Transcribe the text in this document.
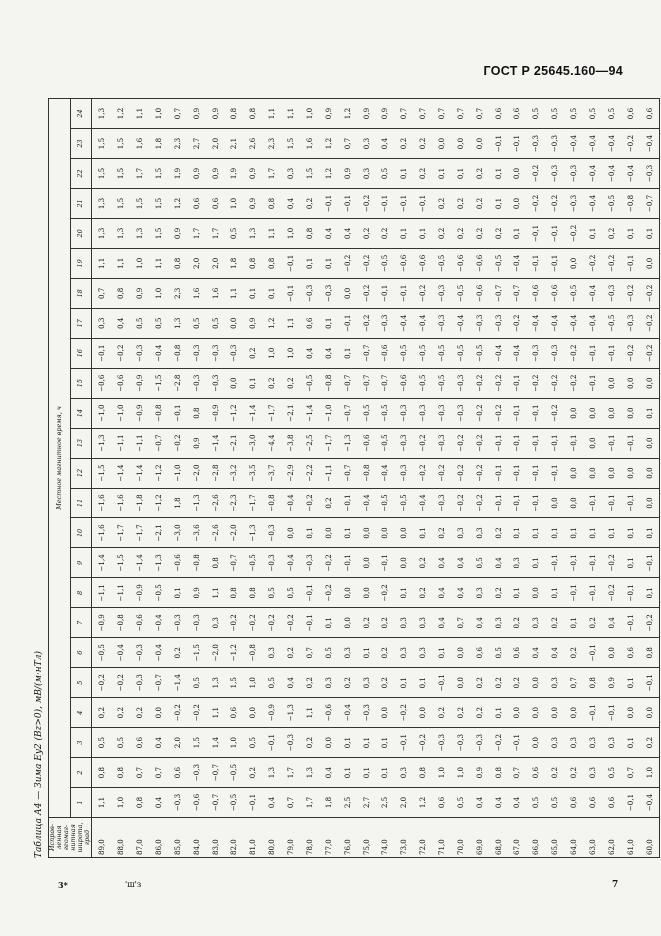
ГОСТ Р 25645.160—94
Таблица А4 — Зима Ey2 (Bz>0), мВ/(м·нТл) Исправ-ленная геомаг-нитная широта, град	Местное магнитное время, ч																							
	1	2	3	4	5	6	7	8	9	10	11	12	13	14	15	16	17	18	19	20	21	22	23	24
89,0	1,1	0,8	0,5	0,2	−0,2	−0,5	−0,9	−1,1	−1,4	−1,6	−1,6	−1,5	−1,3	−1,0	−0,6	−0,1	0,3	0,7	1,1	1,3	1,3	1,5	1,5	1,3
88,0	1,0	0,8	0,5	0,2	−0,2	−0,4	−0,8	−1,1	−1,5	−1,7	−1,6	−1,4	−1,1	−1,0	−0,6	−0,2	0,4	0,8	1,1	1,3	1,5	1,5	1,5	1,2
87,0	0,8	0,7	0,6	0,2	−0,3	−0,3	−0,6	−0,9	−1,4	−1,7	−1,8	−1,4	−1,1	−0,9	−0,9	−0,3	0,5	0,9	1,0	1,3	1,5	1,7	1,6	1,1
86,0	0,4	0,7	0,4	0,0	−0,7	−0,4	−0,4	−0,5	−1,3	−2,1	−1,2	−1,2	−0,7	−0,8	−1,5	−0,4	0,5	1,0	1,1	1,5	1,5	1,5	1,8	1,0
85,0	−0,3	0,6	2,0	−0,2	−1,4	0,2	−0,3	0,1	−0,6	−3,0	1,8	−1,0	−0,2	−0,1	−2,8	−0,8	1,3	2,3	0,8	0,9	1,2	1,9	2,3	0,7
84,0	−0,6	−0,3	1,5	−0,2	0,5	−1,5	−0,3	0,9	−0,8	−3,6	−1,3	−2,0	0,9	0,8	−0,3	−0,3	0,5	1,6	2,0	1,7	0,6	0,9	2,7	0,9
83,0	−0,7	−0,7	1,4	1,1	1,3	−2,0	0,3	1,1	0,8	−2,6	−2,6	−2,8	−1,4	−0,9	−0,3	−0,3	0,5	1,6	2,0	1,7	0,6	0,9	2,0	0,9
82,0	−0,5	−0,5	1,0	0,6	1,5	−1,2	−0,2	0,8	−0,7	−2,0	−2,3	−3,2	−2,1	−1,2	0,0	−0,3	0,0	1,1	1,8	0,5	1,0	1,9	2,1	0,8
81,0	−0,1	0,2	0,5	0,0	1,0	−0,8	−0,2	0,8	−0,5	−1,3	−1,7	−3,5	−3,0	−1,4	0,1	0,2	0,9	0,1	0,8	1,3	0,9	0,9	2,6	0,8
80,0	0,4	1,3	−0,1	−0,9	0,5	0,3	−0,2	0,5	−0,3	−0,3	−0,8	−3,7	−4,4	−1,7	0,2	1,0	1,2	0,1	0,8	1,1	0,8	1,7	2,3	1,1
79,0	0,7	1,7	−0,3	−1,3	0,4	0,2	−0,2	0,5	−0,4	0,0	−0,4	−2,9	−3,8	−2,1	0,2	1,0	1,1	−0,1	−0,1	1,0	0,4	0,3	1,5	1,1
78,0	1,7	1,3	0,2	1,1	0,2	0,7	−0,1	−0,1	−0,3	0,1	−0,2	−2,2	−2,5	−1,4	−0,5	0,4	0,6	−0,3	0,1	0,8	0,2	1,5	1,6	1,0
77,0	1,8	0,4	0,0	−0,6	0,3	0,5	0,1	−0,2	−0,2	0,0	0,2	−1,1	−1,7	−1,0	−0,8	0,4	0,1	−0,3	0,1	0,4	−0,1	1,2	1,2	0,9
76,0	2,5	0,1	0,1	−0,4	0,2	0,3	0,0	0,0	−0,1	0,1	−0,1	−0,7	−1,3	−0,7	−0,7	0,1	−0,1	0,0	−0,2	0,4	−0,1	0,9	0,7	1,2
75,0	2,7	0,1	0,1	−0,3	0,3	0,1	0,2	0,0	0,0	0,0	−0,4	−0,8	−0,6	−0,5	−0,7	−0,7	−0,2	−0,2	−0,2	0,2	−0,2	0,3	0,3	0,9
74,0	2,5	0,1	0,1	0,0	0,2	0,2	0,2	−0,2	−0,1	0,0	−0,5	−0,4	−0,5	−0,5	−0,7	−0,6	−0,3	−0,1	−0,5	0,2	−0,1	0,5	0,4	0,9
73,0	2,0	0,3	−0,1	−0,2	0,1	0,3	0,3	0,1	0,0	0,0	−0,5	−0,3	−0,3	−0,3	−0,6	−0,5	−0,4	−0,1	−0,6	0,1	−0,1	0,1	0,2	0,7
72,0	1,2	0,8	−0,2	0,0	0,1	0,3	0,3	0,2	0,2	0,1	−0,4	−0,2	−0,2	−0,3	−0,5	−0,5	−0,4	−0,2	−0,6	0,1	−0,1	0,2	0,2	0,7
71,0	0,6	1,0	−0,3	0,2	−0,1	0,1	0,4	0,4	0,4	0,2	−0,3	−0,2	−0,3	−0,3	−0,5	−0,5	−0,3	−0,3	−0,5	0,2	0,2	0,1	0,0	0,7
70,0	0,5	1,0	−0,3	0,2	0,0	0,0	0,7	0,4	0,4	0,3	−0,2	−0,2	−0,2	−0,3	−0,3	−0,5	−0,4	−0,5	−0,6	0,2	0,2	0,1	0,0	0,7
69,0	0,4	0,9	−0,3	0,2	0,2	0,6	0,4	0,3	0,5	0,3	−0,2	−0,2	−0,2	−0,2	−0,2	−0,5	−0,3	−0,6	−0,6	0,2	0,2	0,2	0,0	0,7
68,0	0,4	0,8	−0,2	0,1	0,2	0,5	0,3	0,2	0,4	0,2	−0,1	−0,1	−0,1	−0,2	−0,2	−0,4	−0,3	−0,7	−0,5	0,2	0,1	0,1	−0,1	0,6
67,0	0,4	0,7	−0,1	0,0	0,2	0,6	0,2	0,1	0,3	0,1	−0,1	−0,1	−0,1	−0,1	−0,1	−0,4	−0,2	−0,7	−0,4	0,1	0,0	0,0	−0,1	0,6
66,0	0,5	0,6	0,0	0,0	0,0	0,4	0,3	0,0	0,1	0,1	−0,1	−0,1	−0,1	−0,1	−0,2	−0,3	−0,4	−0,6	−0,1	−0,1	−0,2	−0,2	−0,3	0,5
65,0	0,5	0,2	0,3	0,0	0,3	0,4	0,2	0,1	−0,1	0,1	0,0	−0,1	−0,1	−0,2	−0,2	−0,3	−0,4	−0,6	−0,1	−0,1	−0,2	−0,3	−0,3	0,5
64,0	0,6	0,2	0,3	0,0	0,7	0,2	0,1	−0,1	−0,1	0,1	0,0	0,0	−0,1	0,0	−0,2	−0,2	−0,4	−0,5	0,0	−0,2	−0,3	−0,3	−0,4	0,5
63,0	0,6	0,3	0,3	−0,1	0,8	−0,1	0,2	−0,1	−0,1	0,1	−0,1	0,0	0,0	0,0	−0,1	−0,1	−0,4	−0,4	−0,2	0,1	−0,4	−0,4	−0,4	0,5
62,0	0,6	0,5	0,3	−0,1	0,9	0,0	0,4	−0,2	−0,2	0,1	−0,1	0,0	−0,1	0,0	0,0	−0,1	−0,5	−0,3	−0,2	0,2	−0,5	−0,4	−0,4	0,5
61,0	−0,1	0,7	0,1	0,0	0,1	0,6	−0,1	−0,1	0,1	0,1	−0,1	0,0	−0,1	0,0	0,0	−0,2	−0,3	−0,2	−0,1	0,1	−0,8	−0,4	−0,2	0,6
60,0	−0,4	1,0	0,2	0,0	−0,1	0,8	−0,2	0,1	−0,1	0,1	0,0	0,0	0,0	0,1	0,0	−0,2	−0,2	−0,2	0,0	0,1	−0,7	−0,3	−0,4	0,6
3*	'ш'з	7
